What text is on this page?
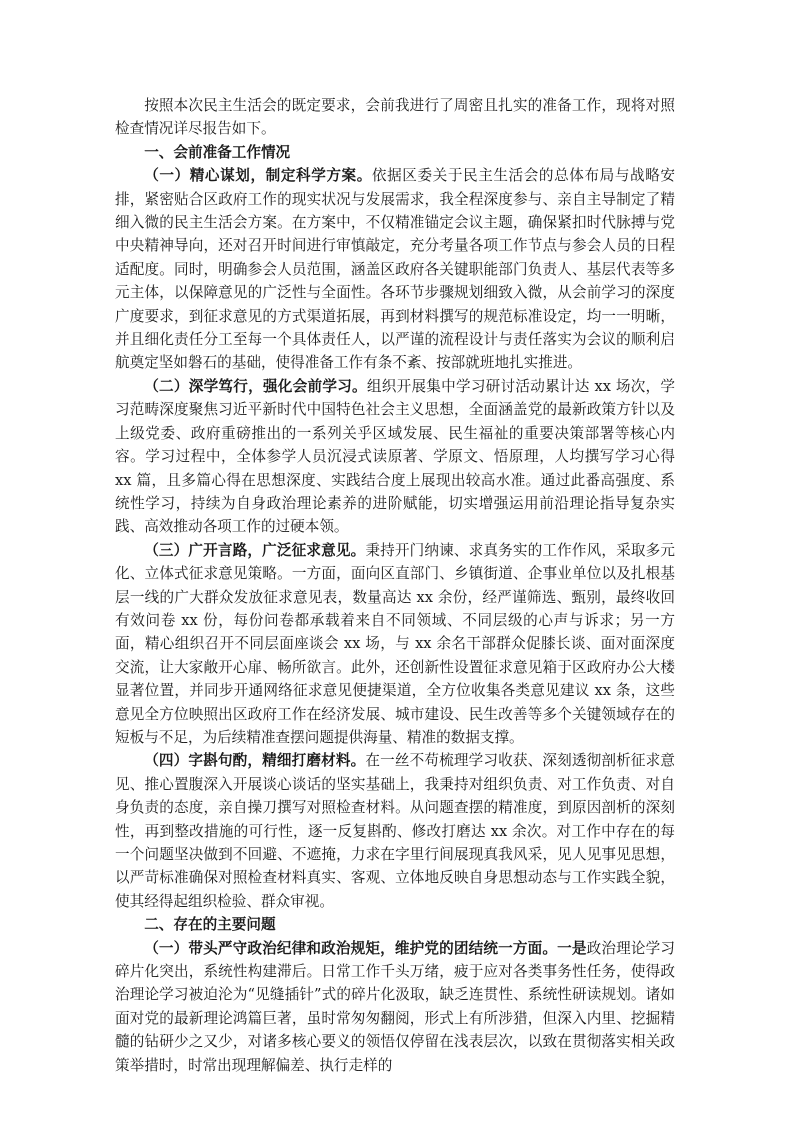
按照本次民主生活会的既定要求，会前我进行了周密且扎实的准备工作，现将对照检查情况详尽报告如下。

一、会前准备工作情况

（一）精心谋划，制定科学方案。依据区委关于民主生活会的总体布局与战略安排，紧密贴合区政府工作的现实状况与发展需求，我全程深度参与、亲自主导制定了精细入微的民主生活会方案。在方案中，不仅精准锚定会议主题，确保紧扣时代脉搏与党中央精神导向，还对召开时间进行审慎敲定，充分考量各项工作节点与参会人员的日程适配度。同时，明确参会人员范围，涵盖区政府各关键职能部门负责人、基层代表等多元主体，以保障意见的广泛性与全面性。各环节步骤规划细致入微，从会前学习的深度广度要求，到征求意见的方式渠道拓展，再到材料撰写的规范标准设定，均一一明晰，并且细化责任分工至每一个具体责任人，以严谨的流程设计与责任落实为会议的顺利启航奠定坚如磐石的基础，使得准备工作有条不紊、按部就班地扎实推进。

（二）深学笃行，强化会前学习。组织开展集中学习研讨活动累计达 xx 场次，学习范畴深度聚焦习近平新时代中国特色社会主义思想，全面涵盖党的最新政策方针以及上级党委、政府重磅推出的一系列关乎区域发展、民生福祉的重要决策部署等核心内容。学习过程中，全体参学人员沉浸式读原著、学原文、悟原理，人均撰写学习心得 xx 篇，且多篇心得在思想深度、实践结合度上展现出较高水准。通过此番高强度、系统性学习，持续为自身政治理论素养的进阶赋能，切实增强运用前沿理论指导复杂实践、高效推动各项工作的过硬本领。

（三）广开言路，广泛征求意见。秉持开门纳谏、求真务实的工作作风，采取多元化、立体式征求意见策略。一方面，面向区直部门、乡镇街道、企事业单位以及扎根基层一线的广大群众发放征求意见表，数量高达 xx 余份，经严谨筛选、甄别，最终收回有效问卷 xx 份，每份问卷都承载着来自不同领域、不同层级的心声与诉求；另一方面，精心组织召开不同层面座谈会 xx 场，与 xx 余名干部群众促膝长谈、面对面深度交流，让大家敞开心扉、畅所欲言。此外，还创新性设置征求意见箱于区政府办公大楼显著位置，并同步开通网络征求意见便捷渠道，全方位收集各类意见建议 xx 条，这些意见全方位映照出区政府工作在经济发展、城市建设、民生改善等多个关键领域存在的短板与不足，为后续精准查摆问题提供海量、精准的数据支撑。

（四）字斟句酌，精细打磨材料。在一丝不苟梳理学习收获、深刻透彻剖析征求意见、推心置腹深入开展谈心谈话的坚实基础上，我秉持对组织负责、对工作负责、对自身负责的态度，亲自操刀撰写对照检查材料。从问题查摆的精准度，到原因剖析的深刻性，再到整改措施的可行性，逐一反复斟酌、修改打磨达 xx 余次。对工作中存在的每一个问题坚决做到不回避、不遮掩，力求在字里行间展现真我风采，见人见事见思想，以严苛标准确保对照检查材料真实、客观、立体地反映自身思想动态与工作实践全貌，使其经得起组织检验、群众审视。

二、存在的主要问题

（一）带头严守政治纪律和政治规矩，维护党的团结统一方面。一是政治理论学习碎片化突出，系统性构建滞后。日常工作千头万绪，疲于应对各类事务性任务，使得政治理论学习被迫沦为“见缝插针”式的碎片化汲取，缺乏连贯性、系统性研读规划。诸如面对党的最新理论鸿篇巨著，虽时常匆匆翻阅，形式上有所涉猎，但深入内里、挖掘精髓的钻研少之又少，对诸多核心要义的领悟仅停留在浅表层次，以致在贯彻落实相关政策举措时，时常出现理解偏差、执行走样的
